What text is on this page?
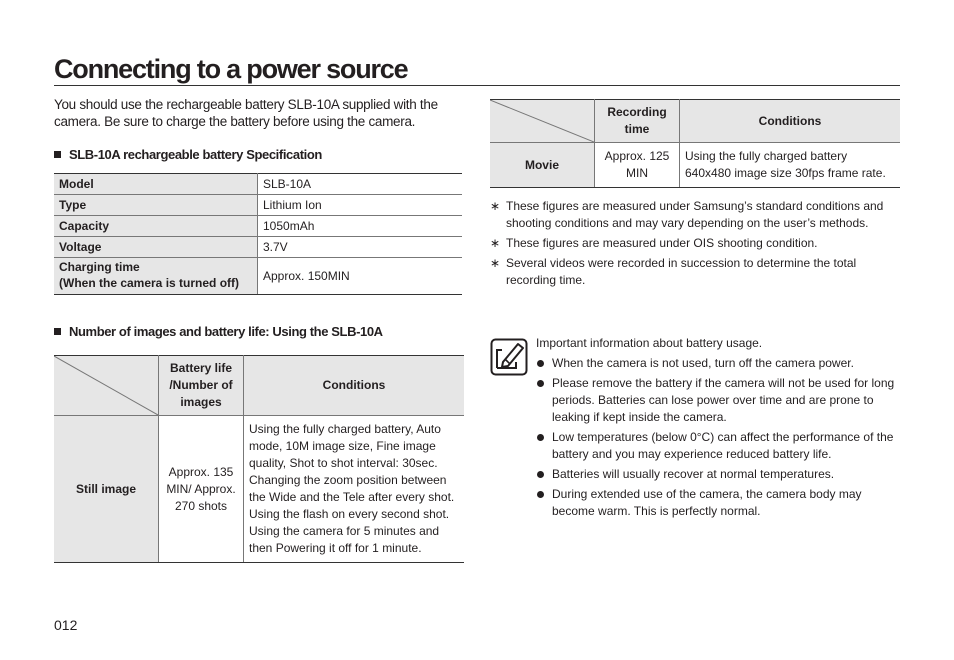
Connecting to a power source

You should use the rechargeable battery SLB-10A supplied with the camera. Be sure to charge the battery before using the camera.

SLB-10A rechargeable battery Specification
Model	SLB-10A
Type	Lithium Ion
Capacity	1050mAh
Voltage	3.7V

Charging time
(When the camera is turned off)	Approx. 150MIN
Number of images and battery life: Using the SLB-10A
	Battery life /Number of images	Conditions
Still image	Approx. 135 MIN/ Approx. 270 shots	Using the fully charged battery, Auto mode, 10M image size, Fine image quality, Shot to shot interval: 30sec. Changing the zoom position between the Wide and the Tele after every shot. Using the flash on every second shot. Using the camera for 5 minutes and then Powering it off for 1 minute.
	Recording time	Conditions
Movie	Approx. 125 MIN	Using the fully charged battery
640x480 image size 30fps frame rate.
∗ These figures are measured under Samsung’s standard conditions and shooting conditions and may vary depending on the user’s methods.
∗ These figures are measured under OIS shooting condition.
∗ Several videos were recorded in succession to determine the total recording time.

Important information about battery usage.

When the camera is not used, turn off the camera power.
Please remove the battery if the camera will not be used for long periods. Batteries can lose power over time and are prone to leaking if kept inside the camera.
Low temperatures (below 0°C) can affect the performance of the battery and you may experience reduced battery life.
Batteries will usually recover at normal temperatures.
During extended use of the camera, the camera body may become warm. This is perfectly normal.
012
